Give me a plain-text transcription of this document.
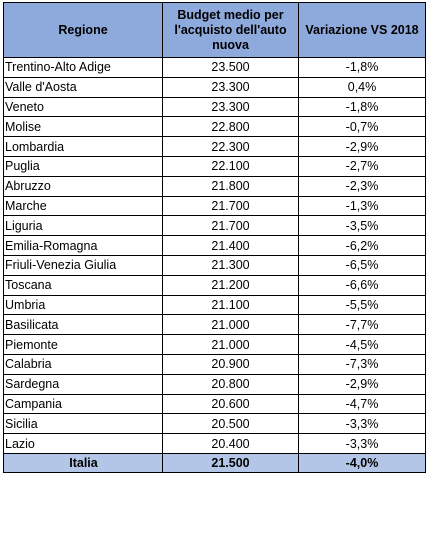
Regione	Budget medio per l'acquisto dell'auto nuova	Variazione VS 2018
Trentino-Alto Adige	23.500	-1,8%
Valle d'Aosta	23.300	0,4%
Veneto	23.300	-1,8%
Molise	22.800	-0,7%
Lombardia	22.300	-2,9%
Puglia	22.100	-2,7%
Abruzzo	21.800	-2,3%
Marche	21.700	-1,3%
Liguria	21.700	-3,5%
Emilia-Romagna	21.400	-6,2%
Friuli-Venezia Giulia	21.300	-6,5%
Toscana	21.200	-6,6%
Umbria	21.100	-5,5%
Basilicata	21.000	-7,7%
Piemonte	21.000	-4,5%
Calabria	20.900	-7,3%
Sardegna	20.800	-2,9%
Campania	20.600	-4,7%
Sicilia	20.500	-3,3%
Lazio	20.400	-3,3%
Italia	21.500	-4,0%
